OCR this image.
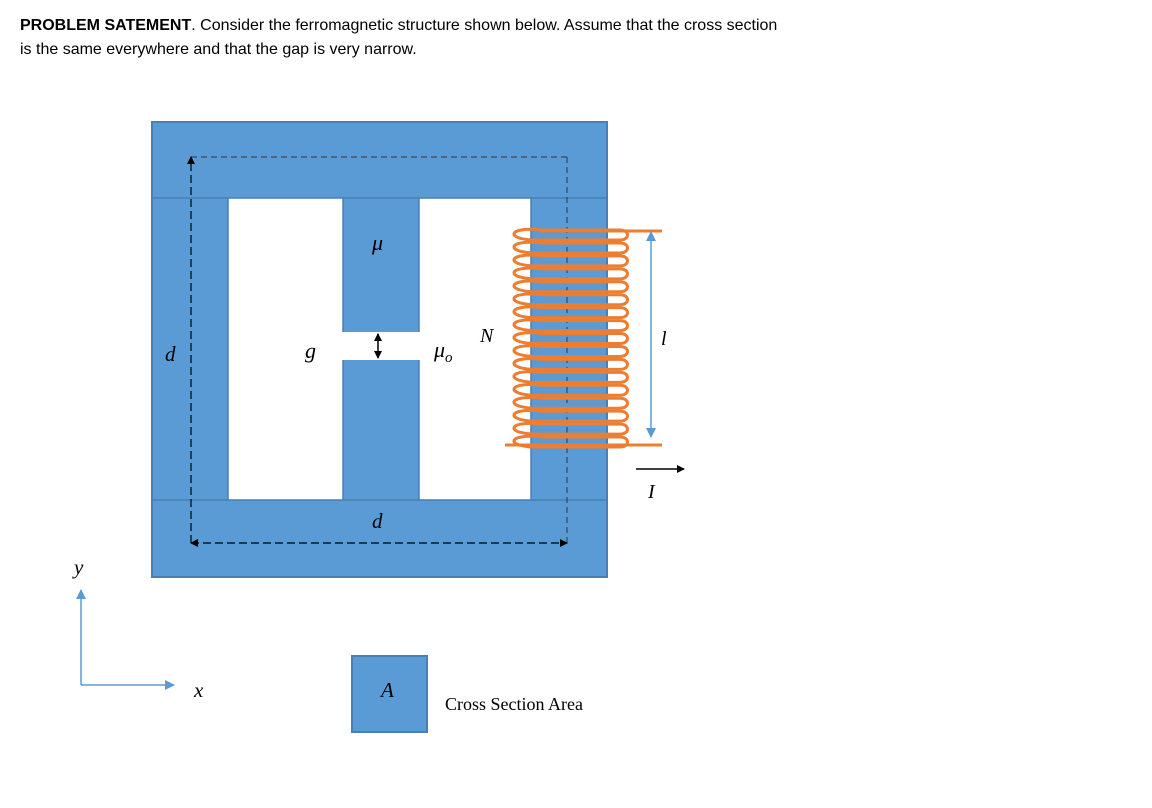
PROBLEM SATEMENT. Consider the ferromagnetic structure shown below. Assume that the cross section is the same everywhere and that the gap is very narrow.
μ
$\mu_o$
g
N	l
I
d
d
y
x	A
Cross Section Area
